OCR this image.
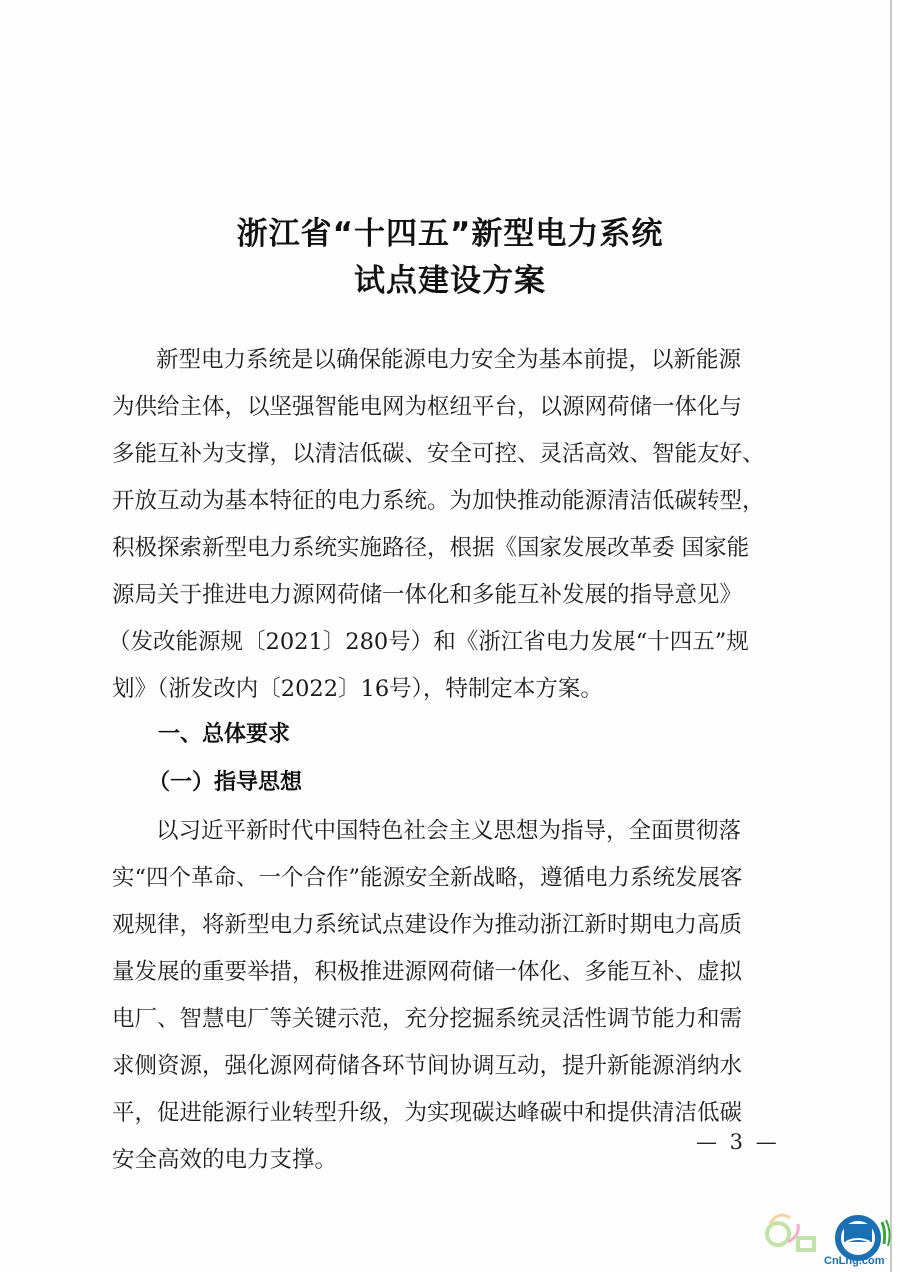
浙江省“十四五”新型电力系统
试点建设方案
新型电力系统是以确保能源电力安全为基本前提，以新能源
为供给主体，以坚强智能电网为枢纽平台，以源网荷储一体化与
多能互补为支撑，以清洁低碳、安全可控、灵活高效、智能友好、
开放互动为基本特征的电力系统。为加快推动能源清洁低碳转型，
积极探索新型电力系统实施路径，根据《国家发展改革委 国家能
源局关于推进电力源网荷储一体化和多能互补发展的指导意见》
（发改能源规〔2021〕280号）和《浙江省电力发展“十四五”规
划》（浙发改内〔2022〕16号），特制定本方案。
一、总体要求
（一）指导思想
以习近平新时代中国特色社会主义思想为指导，全面贯彻落
实“四个革命、一个合作”能源安全新战略，遵循电力系统发展客
观规律，将新型电力系统试点建设作为推动浙江新时期电力高质
量发展的重要举措，积极推进源网荷储一体化、多能互补、虚拟
电厂、智慧电厂等关键示范，充分挖掘系统灵活性调节能力和需
求侧资源，强化源网荷储各环节间协调互动，提升新能源消纳水
平，促进能源行业转型升级，为实现碳达峰碳中和提供清洁低碳
安全高效的电力支撑。
— 3 —
CnLng.com
